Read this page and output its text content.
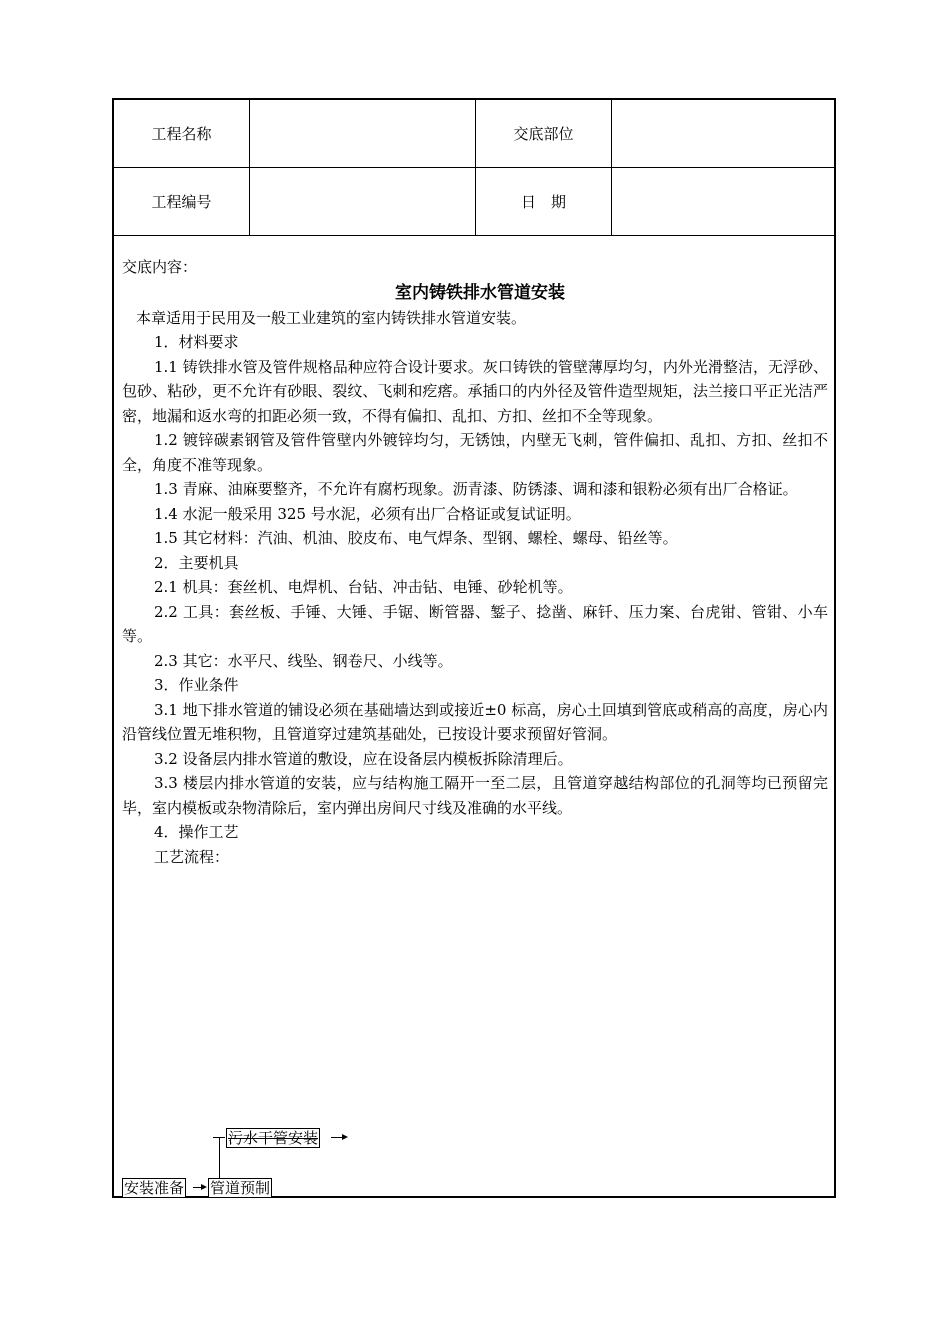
工程名称	交底部位
工程编号	日　期

交底内容：

室内铸铁排水管道安装

本章适用于民用及一般工业建筑的室内铸铁排水管道安装。

1．材料要求

1.1 铸铁排水管及管件规格品种应符合设计要求。灰口铸铁的管壁薄厚均匀，内外光滑整洁，无浮砂、包砂、粘砂，更不允许有砂眼、裂纹、飞刺和疙瘩。承插口的内外径及管件造型规矩，法兰接口平正光洁严密，地漏和返水弯的扣距必须一致，不得有偏扣、乱扣、方扣、丝扣不全等现象。

1.2 镀锌碳素钢管及管件管壁内外镀锌均匀，无锈蚀，内壁无飞刺，管件偏扣、乱扣、方扣、丝扣不全，角度不准等现象。

1.3 青麻、油麻要整齐，不允许有腐朽现象。沥青漆、防锈漆、调和漆和银粉必须有出厂合格证。

1.4 水泥一般采用 325 号水泥，必须有出厂合格证或复试证明。

1.5 其它材料：汽油、机油、胶皮布、电气焊条、型钢、螺栓、螺母、铅丝等。

2．主要机具

2.1 机具：套丝机、电焊机、台钻、冲击钻、电锤、砂轮机等。

2.2 工具：套丝板、手锤、大锤、手锯、断管器、錾子、捻凿、麻钎、压力案、台虎钳、管钳、小车等。

2.3 其它：水平尺、线坠、钢卷尺、小线等。

3．作业条件

3.1 地下排水管道的铺设必须在基础墙达到或接近±0 标高，房心土回填到管底或稍高的高度，房心内沿管线位置无堆积物，且管道穿过建筑基础处，已按设计要求预留好管洞。

3.2 设备层内排水管道的敷设，应在设备层内模板拆除清理后。

3.3 楼层内排水管道的安装，应与结构施工隔开一至二层，且管道穿越结构部位的孔洞等均已预留完毕，室内模板或杂物清除后，室内弹出房间尺寸线及准确的水平线。

4．操作工艺

工艺流程：

污水干管安装
安装准备 管道预制
